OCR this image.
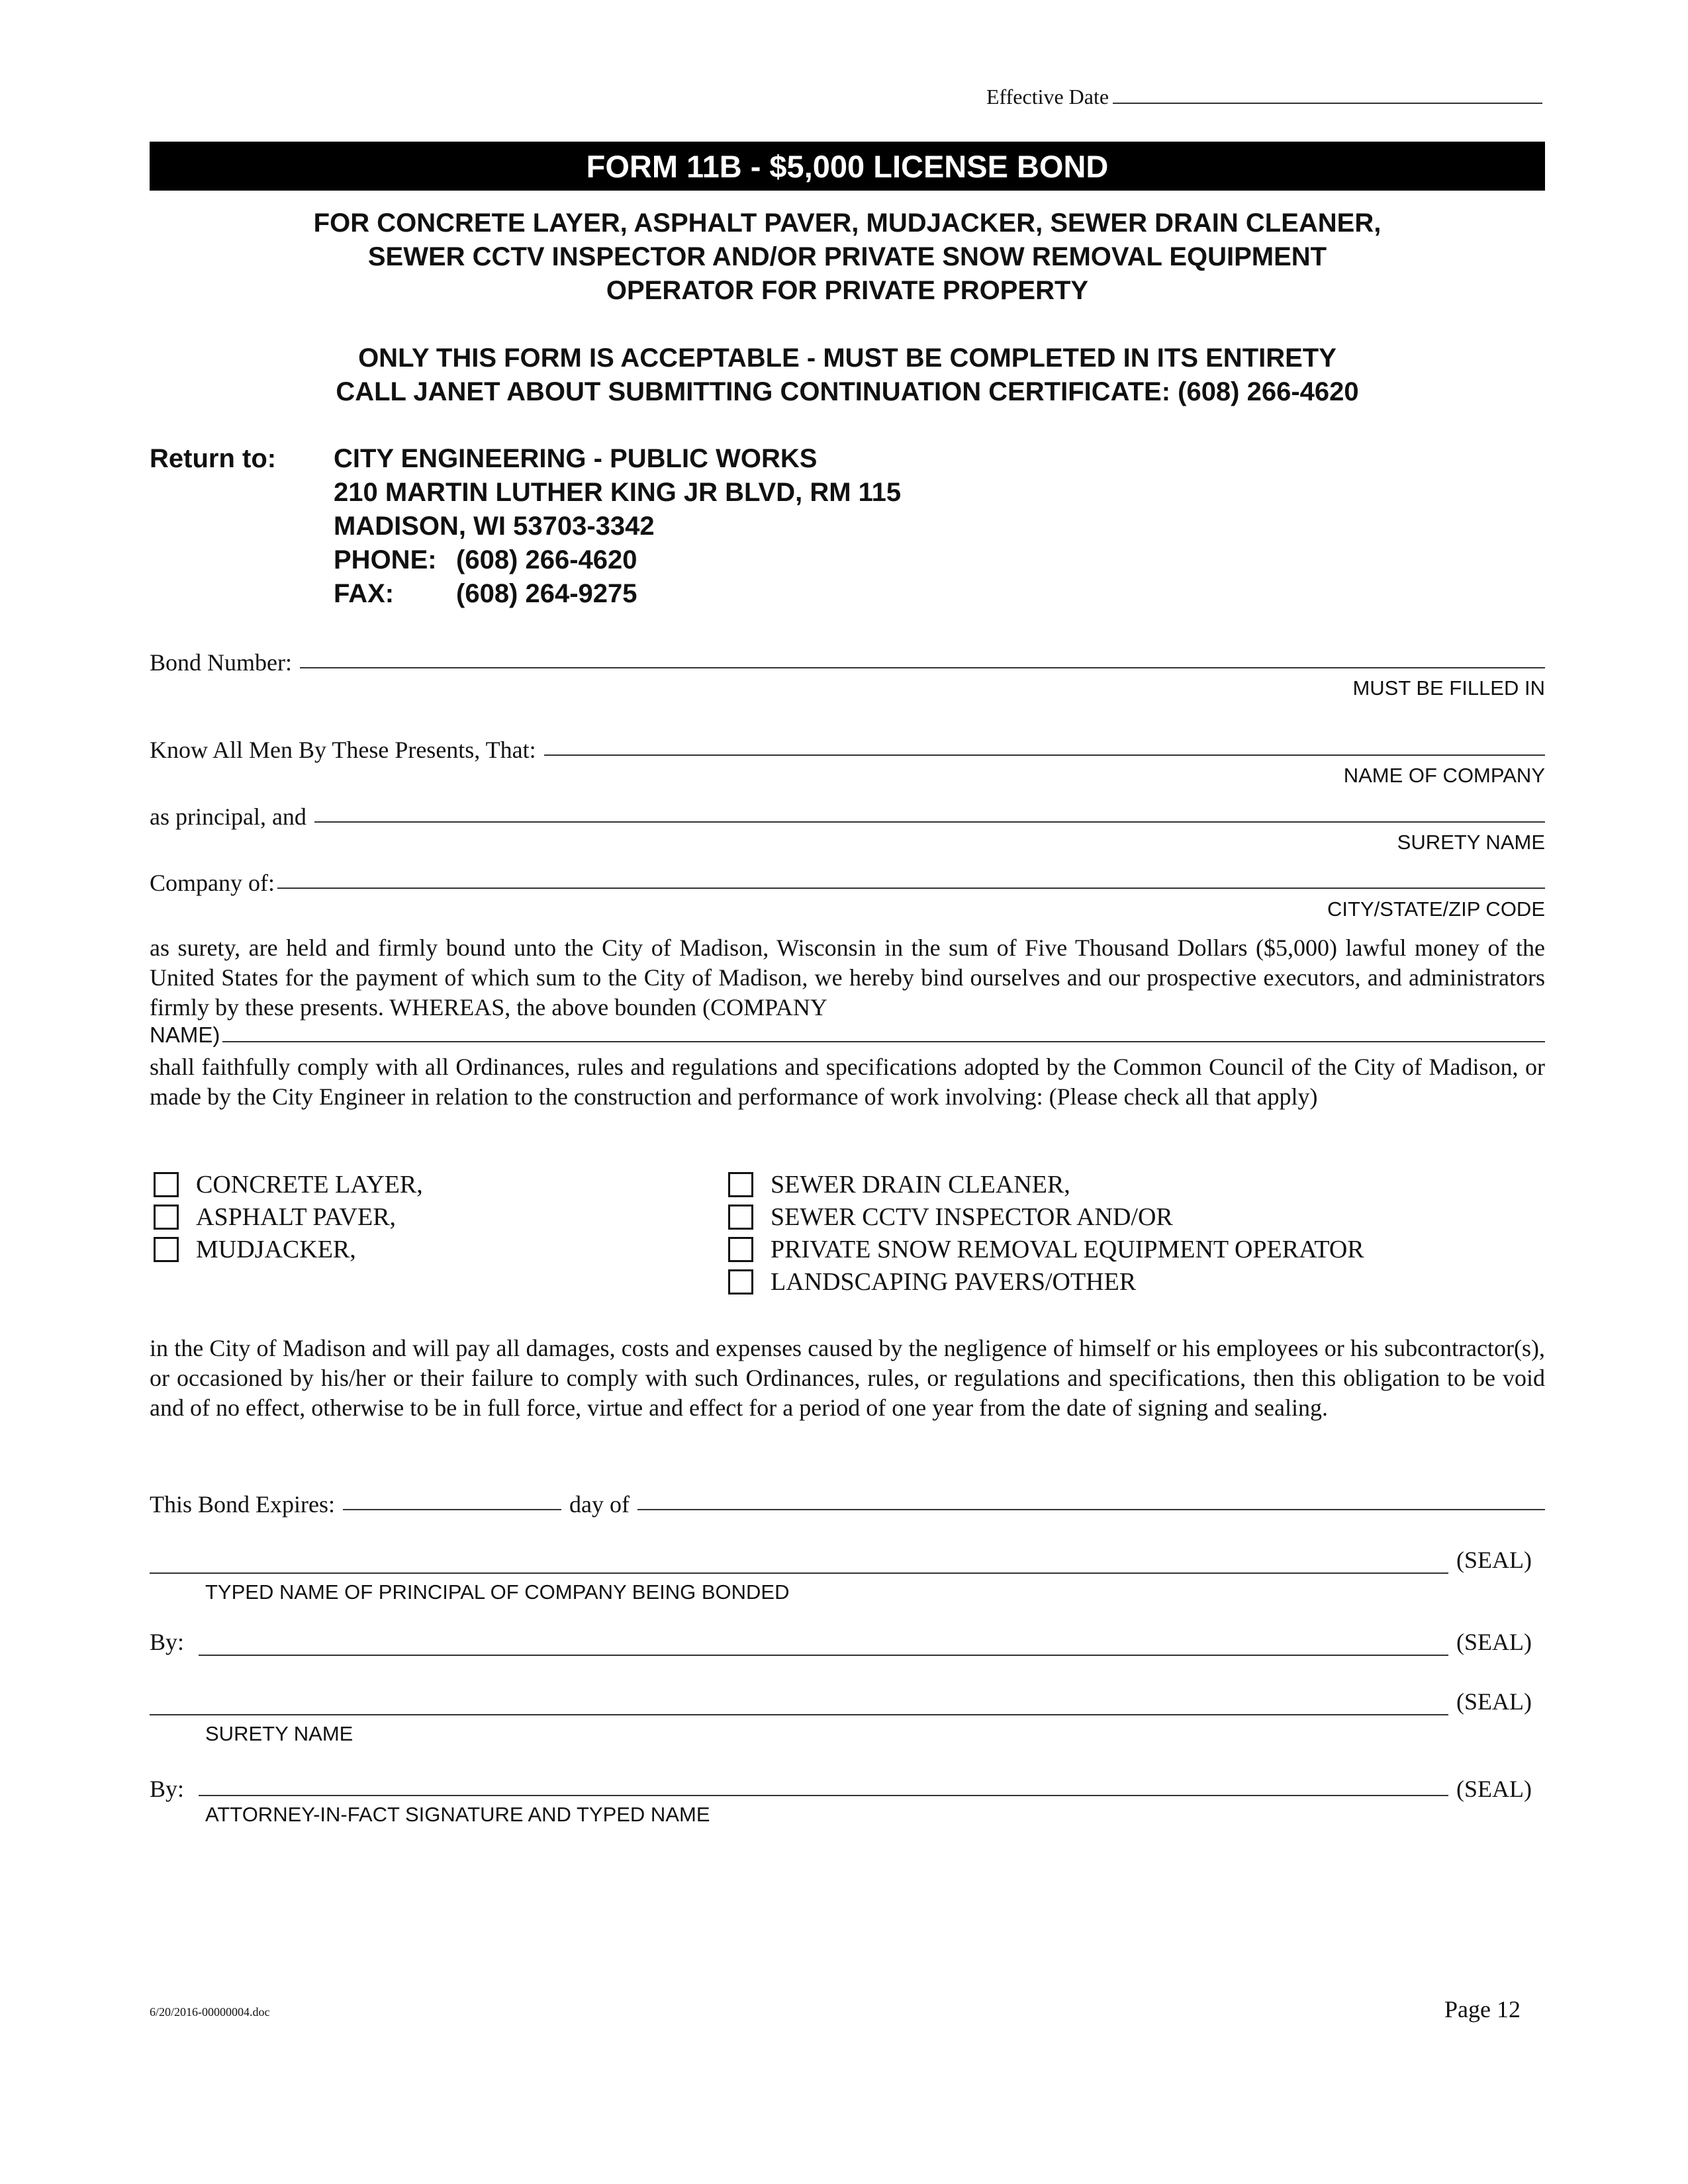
Effective Date
FORM 11B - $5,000 LICENSE BOND
FOR CONCRETE LAYER, ASPHALT PAVER, MUDJACKER, SEWER DRAIN CLEANER,
SEWER CCTV INSPECTOR AND/OR PRIVATE SNOW REMOVAL EQUIPMENT
OPERATOR FOR PRIVATE PROPERTY
ONLY THIS FORM IS ACCEPTABLE - MUST BE COMPLETED IN ITS ENTIRETY
CALL JANET ABOUT SUBMITTING CONTINUATION CERTIFICATE: (608) 266-4620
Return to:	CITY ENGINEERING - PUBLIC WORKS
210 MARTIN LUTHER KING JR BLVD, RM 115
MADISON, WI 53703-3342
PHONE: (608) 266-4620
FAX:	(608) 264-9275
Bond Number:
MUST BE FILLED IN
Know All Men By These Presents, That:
NAME OF COMPANY
as principal, and
SURETY NAME
Company of:
CITY/STATE/ZIP CODE
as surety, are held and firmly bound unto the City of Madison, Wisconsin in the sum of Five Thousand Dollars ($5,000) lawful money of the United States for the payment of which sum to the City of Madison, we hereby bind ourselves and our prospective executors, and administrators firmly by these presents. WHEREAS, the above bounden (COMPANY
NAME)
shall faithfully comply with all Ordinances, rules and regulations and specifications adopted by the Common Council of the City of Madison, or made by the City Engineer in relation to the construction and performance of work involving: (Please check all that apply)
CONCRETE LAYER,
ASPHALT PAVER,
MUDJACKER,
SEWER DRAIN CLEANER,
SEWER CCTV INSPECTOR AND/OR
PRIVATE SNOW REMOVAL EQUIPMENT OPERATOR
LANDSCAPING PAVERS/OTHER
in the City of Madison and will pay all damages, costs and expenses caused by the negligence of himself or his employees or his subcontractor(s), or occasioned by his/her or their failure to comply with such Ordinances, rules, or regulations and specifications, then this obligation to be void and of no effect, otherwise to be in full force, virtue and effect for a period of one year from the date of signing and sealing.
This Bond Expires:	day of
(SEAL)
TYPED NAME OF PRINCIPAL OF COMPANY BEING BONDED
By:	(SEAL)
(SEAL)
SURETY NAME
By:	(SEAL)
ATTORNEY-IN-FACT SIGNATURE AND TYPED NAME
6/20/2016-00000004.doc	Page 12
